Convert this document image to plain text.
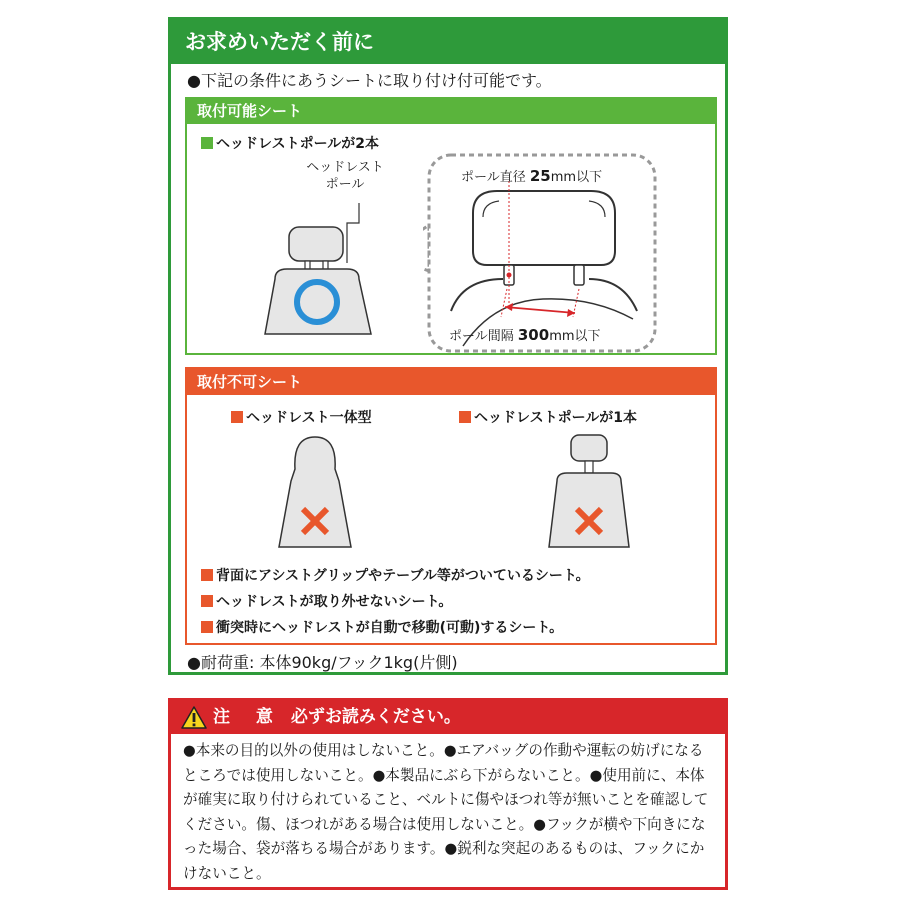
お求めいただく前に
●下記の条件にあうシートに取り付け付可能です。
取付可能シート
ヘッドレストポールが2本
ヘッドレスト
ポール	ポール直径 25mm以下
ポール間隔 300mm以下
取付不可シート
ヘッドレスト一体型	ヘッドレストポールが1本
背面にアシストグリップやテーブル等がついているシート。
ヘッドレストが取り外せないシート。
衝突時にヘッドレストが自動で移動(可動)するシート。
●耐荷重: 本体90kg/フック1kg(片側)
注 意 必ずお読みください。
●本来の目的以外の使用はしないこと。●エアバッグの作動や運転の妨げになるところでは使用しないこと。●本製品にぶら下がらないこと。●使用前に、本体が確実に取り付けられていること、ベルトに傷やほつれ等が無いことを確認してください。傷、ほつれがある場合は使用しないこと。●フックが横や下向きになった場合、袋が落ちる場合があります。●鋭利な突起のあるものは、フックにかけないこと。
